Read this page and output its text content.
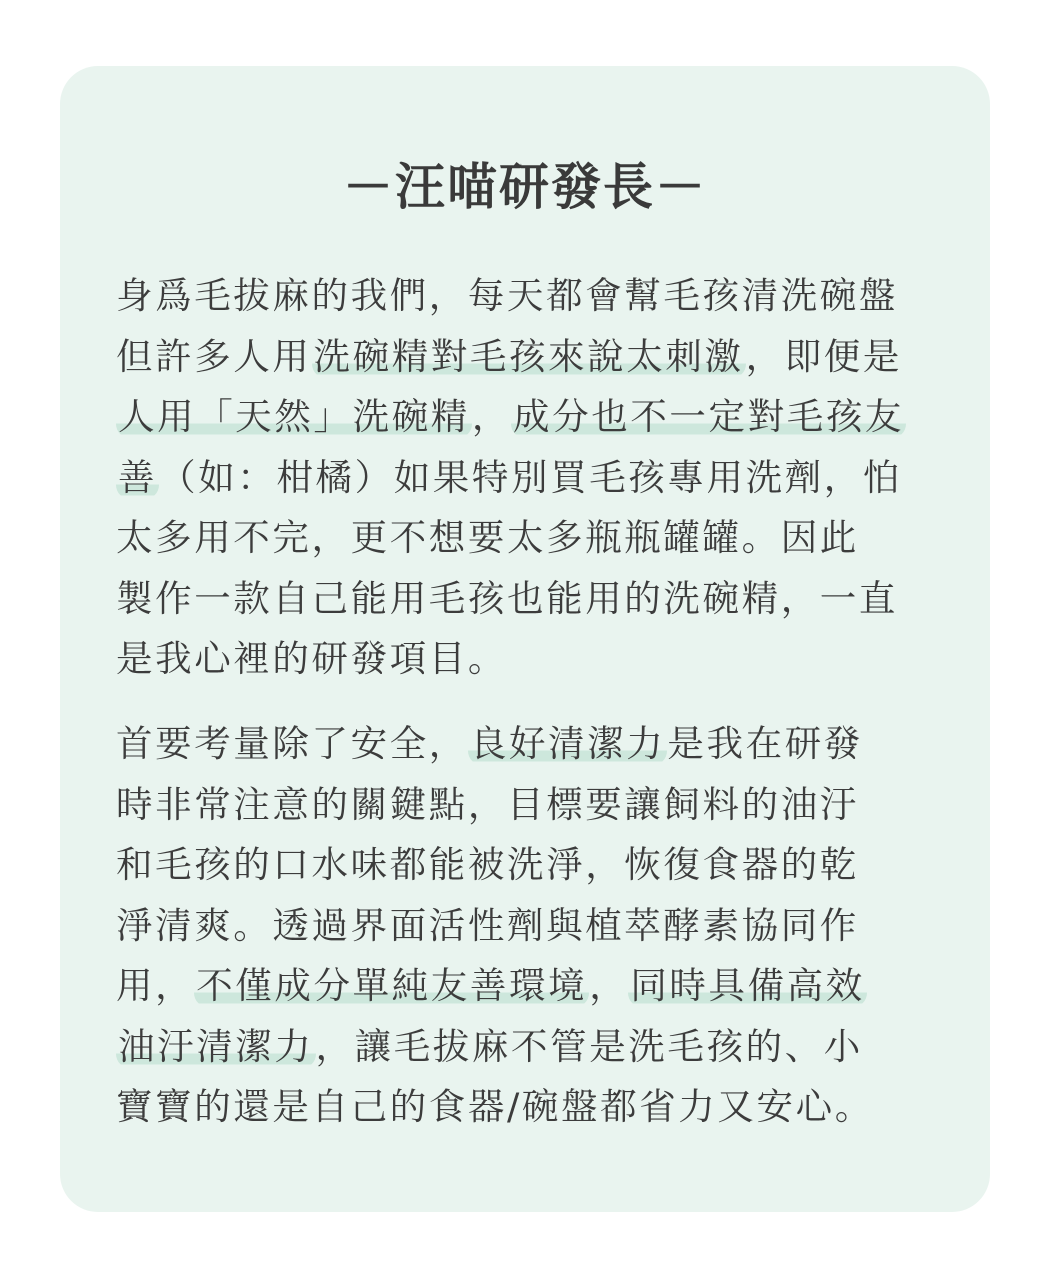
－汪喵研發長－
身爲毛拔麻的我們，每天都會幫毛孩清洗碗盤
但許多人用洗碗精對毛孩來說太刺激，即便是
人用「天然」洗碗精，成分也不一定對毛孩友
善（如：柑橘）如果特別買毛孩專用洗劑，怕
太多用不完，更不想要太多瓶瓶罐罐。因此
製作一款自己能用毛孩也能用的洗碗精，一直
是我心裡的研發項目。
首要考量除了安全，良好清潔力是我在研發
時非常注意的關鍵點，目標要讓飼料的油汙
和毛孩的口水味都能被洗淨，恢復食器的乾
淨清爽。透過界面活性劑與植萃酵素協同作
用，不僅成分單純友善環境，同時具備高效
油汙清潔力，讓毛拔麻不管是洗毛孩的、小
寶寶的還是自己的食器/碗盤都省力又安心。
